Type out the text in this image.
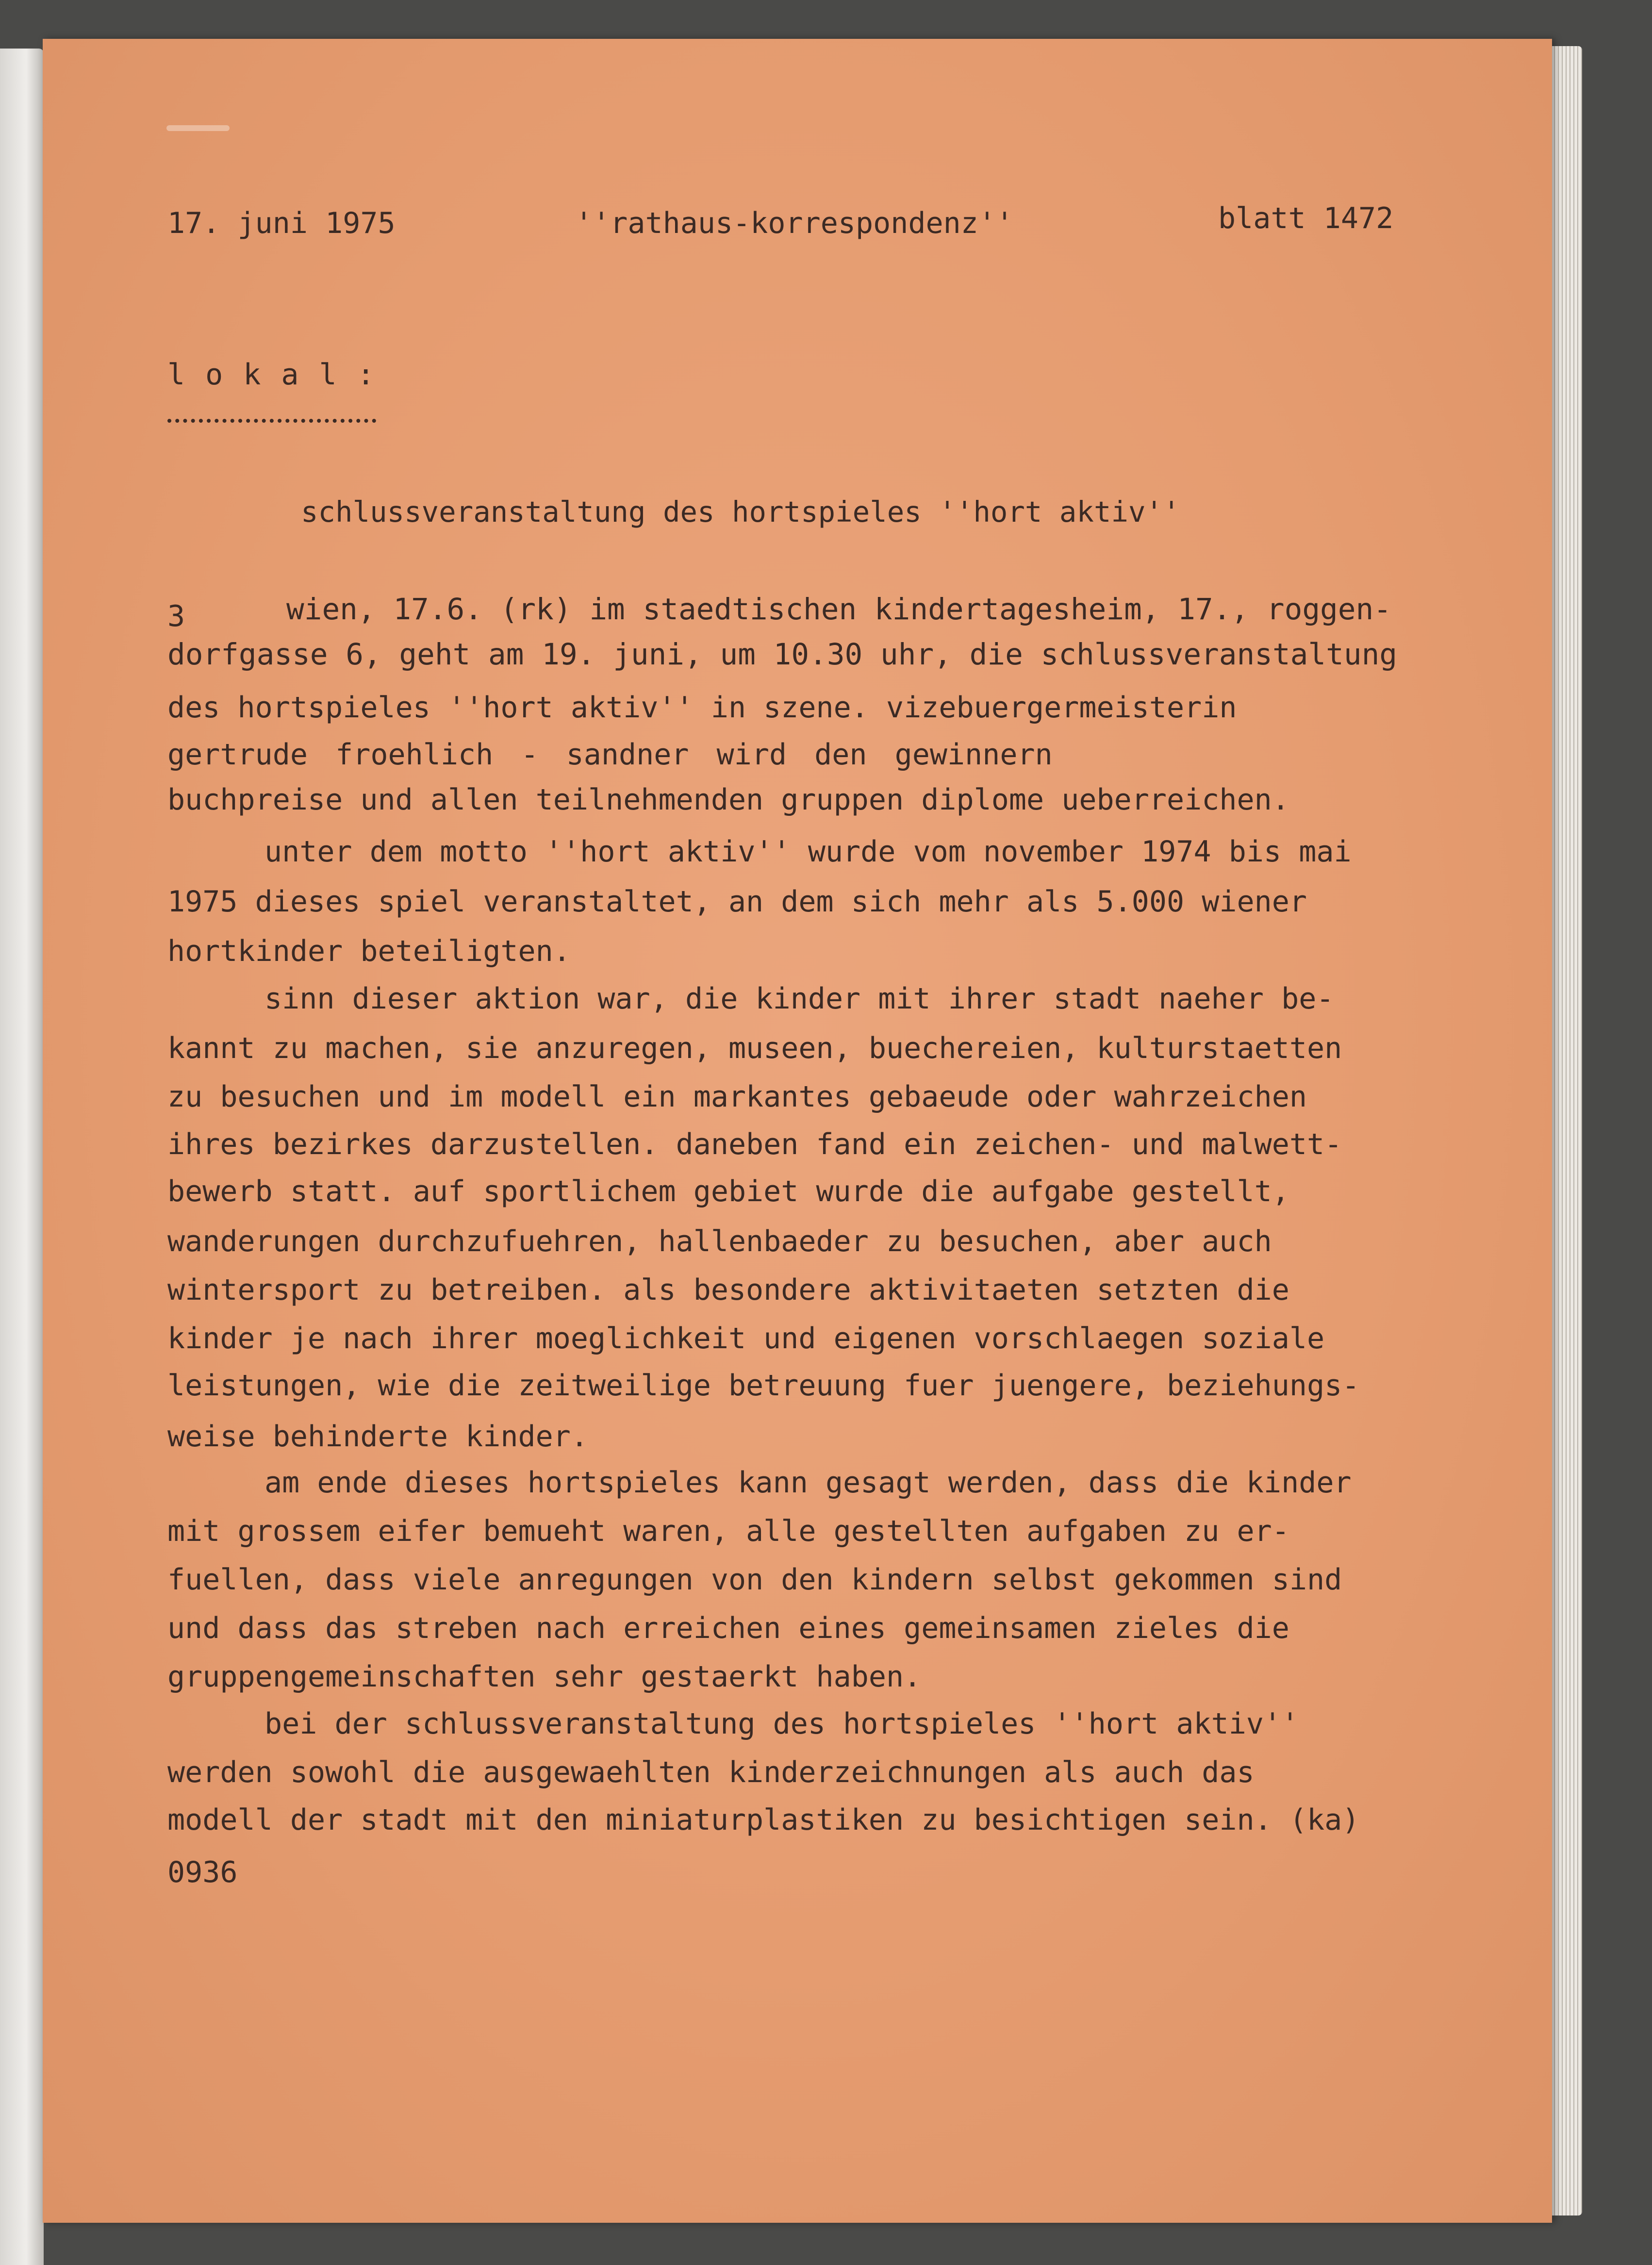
17. juni 1975	''rathaus-korrespondenz''	blatt 1472
lokal:
schlussveranstaltung des hortspieles ''hort aktiv''
3	wien, 17.6. (rk) im staedtischen kindertagesheim, 17., roggen-
dorfgasse 6, geht am 19. juni, um 10.30 uhr, die schlussveranstaltung
des hortspieles ''hort aktiv'' in szene. vizebuergermeisterin
gertrude froehlich - sandner wird den gewinnern
buchpreise und allen teilnehmenden gruppen diplome ueberreichen.
unter dem motto ''hort aktiv'' wurde vom november 1974 bis mai
1975 dieses spiel veranstaltet, an dem sich mehr als 5.000 wiener
hortkinder beteiligten.
sinn dieser aktion war, die kinder mit ihrer stadt naeher be-
kannt zu machen, sie anzuregen, museen, buechereien, kulturstaetten
zu besuchen und im modell ein markantes gebaeude oder wahrzeichen
ihres bezirkes darzustellen. daneben fand ein zeichen- und malwett-
bewerb statt. auf sportlichem gebiet wurde die aufgabe gestellt,
wanderungen durchzufuehren, hallenbaeder zu besuchen, aber auch
wintersport zu betreiben. als besondere aktivitaeten setzten die
kinder je nach ihrer moeglichkeit und eigenen vorschlaegen soziale
leistungen, wie die zeitweilige betreuung fuer juengere, beziehungs-
weise behinderte kinder.
am ende dieses hortspieles kann gesagt werden, dass die kinder
mit grossem eifer bemueht waren, alle gestellten aufgaben zu er-
fuellen, dass viele anregungen von den kindern selbst gekommen sind
und dass das streben nach erreichen eines gemeinsamen zieles die
gruppengemeinschaften sehr gestaerkt haben.
bei der schlussveranstaltung des hortspieles ''hort aktiv''
werden sowohl die ausgewaehlten kinderzeichnungen als auch das
modell der stadt mit den miniaturplastiken zu besichtigen sein. (ka)
0936
